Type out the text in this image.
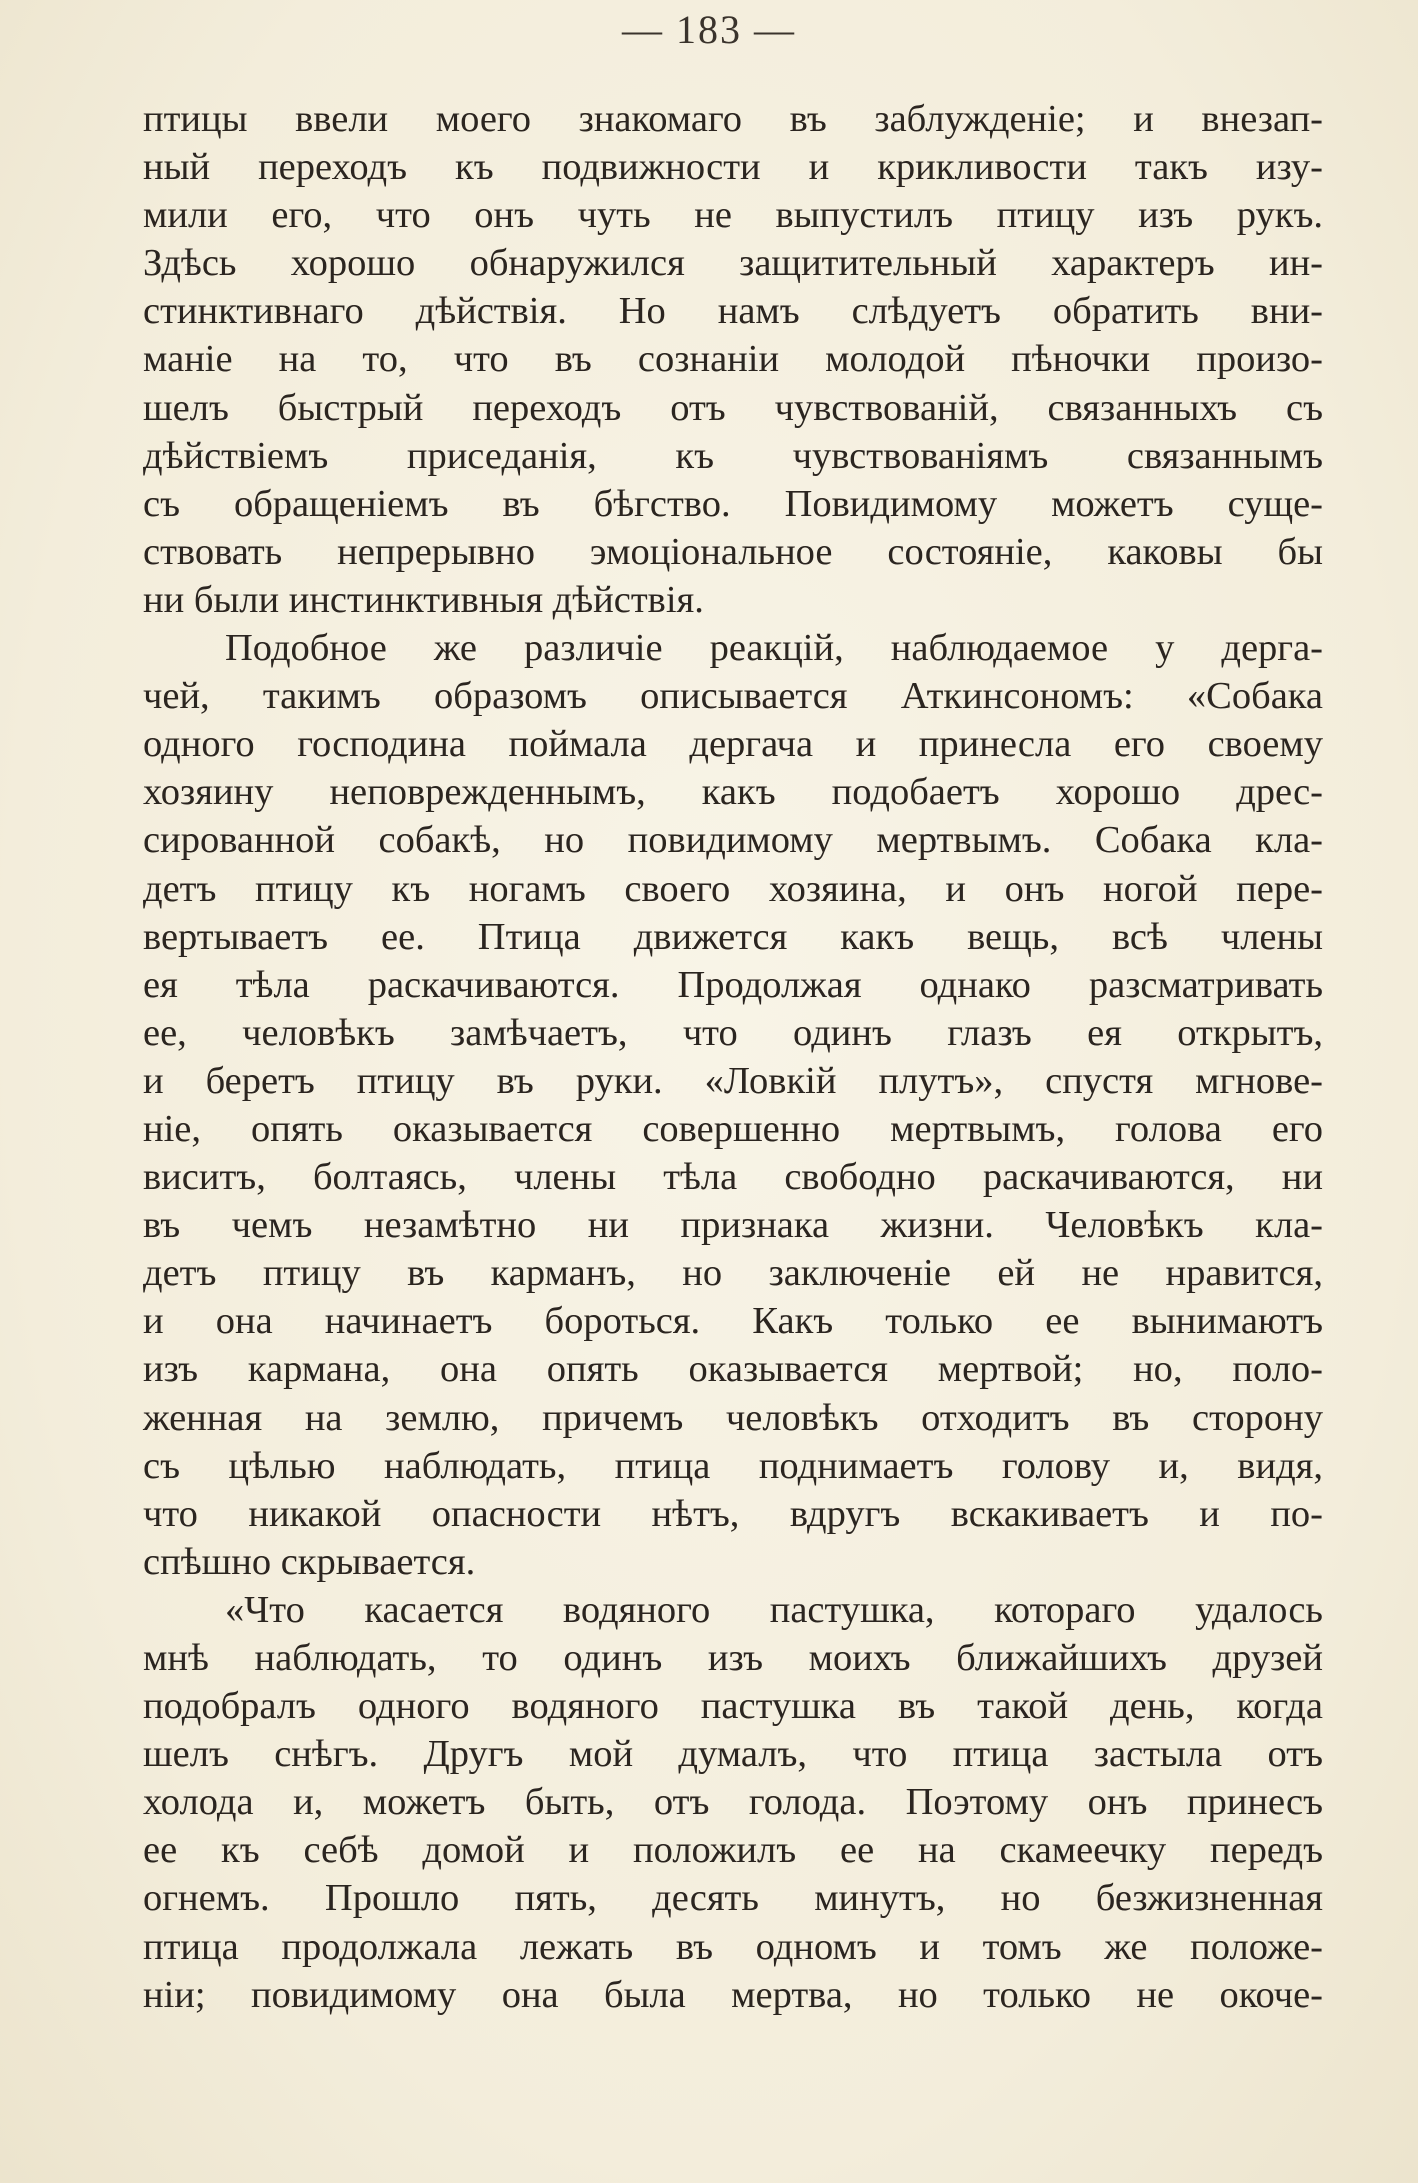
— 183 —
птицы ввели моего знакомаго въ заблужденіе; и внезап-
ный переходъ къ подвижности и крикливости такъ изу-
мили его, что онъ чуть не выпустилъ птицу изъ рукъ.
Здѣсь хорошо обнаружился защитительный характеръ ин-
стинктивнаго дѣйствія. Но намъ слѣдуетъ обратить вни-
маніе на то, что въ сознаніи молодой пѣночки произо-
шелъ быстрый переходъ отъ чувствованій, связанныхъ съ
дѣйствіемъ приседанія, къ чувствованіямъ связаннымъ
съ обращеніемъ въ бѣгство. Повидимому можетъ суще-
ствовать непрерывно эмоціональное состояніе, каковы бы
ни были инстинктивныя дѣйствія.
Подобное же различіе реакцій, наблюдаемое у дерга-
чей, такимъ образомъ описывается Аткинсономъ: «Собака
одного господина поймала дергача и принесла его своему
хозяину неповрежденнымъ, какъ подобаетъ хорошо дрес-
сированной собакѣ, но повидимому мертвымъ. Собака кла-
детъ птицу къ ногамъ своего хозяина, и онъ ногой пере-
вертываетъ ее. Птица движется какъ вещь, всѣ члены
ея тѣла раскачиваются. Продолжая однако разсматривать
ее, человѣкъ замѣчаетъ, что одинъ глазъ ея открытъ,
и беретъ птицу въ руки. «Ловкій плутъ», спустя мгнове-
ніе, опять оказывается совершенно мертвымъ, голова его
виситъ, болтаясь, члены тѣла свободно раскачиваются, ни
въ чемъ незамѣтно ни признака жизни. Человѣкъ кла-
детъ птицу въ карманъ, но заключеніе ей не нравится,
и она начинаетъ бороться. Какъ только ее вынимаютъ
изъ кармана, она опять оказывается мертвой; но, поло-
женная на землю, причемъ человѣкъ отходитъ въ сторону
съ цѣлью наблюдать, птица поднимаетъ голову и, видя,
что никакой опасности нѣтъ, вдругъ вскакиваетъ и по-
спѣшно скрывается.
«Что касается водяного пастушка, котораго удалось
мнѣ наблюдать, то одинъ изъ моихъ ближайшихъ друзей
подобралъ одного водяного пастушка въ такой день, когда
шелъ снѣгъ. Другъ мой думалъ, что птица застыла отъ
холода и, можетъ быть, отъ голода. Поэтому онъ принесъ
ее къ себѣ домой и положилъ ее на скамеечку передъ
огнемъ. Прошло пять, десять минутъ, но безжизненная
птица продолжала лежать въ одномъ и томъ же положе-
ніи; повидимому она была мертва, но только не окоче-
